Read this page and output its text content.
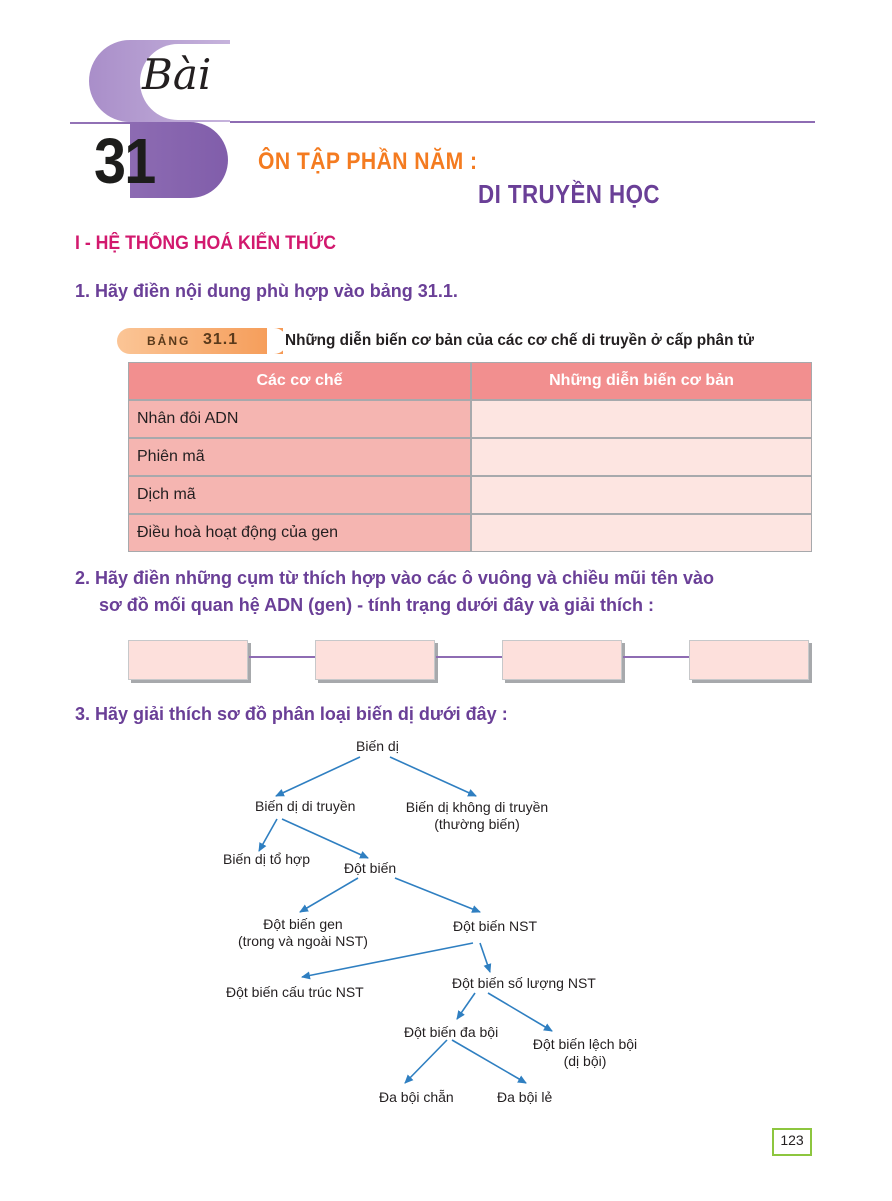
Bài
31	ÔN TẬP PHẦN NĂM :
DI TRUYỀN HỌC
I - HỆ THỐNG HOÁ KIẾN THỨC
1. Hãy điền nội dung phù hợp vào bảng 31.1.
BẢNG 31.1	Những diễn biến cơ bản của các cơ chế di truyền ở cấp phân tử
Các cơ chế	Những diễn biến cơ bản
Nhân đôi ADN	
Phiên mã	
Dịch mã	
Điều hoà hoạt động của gen	
2. Hãy điền những cụm từ thích hợp vào các ô vuông và chiều mũi tên vào
sơ đồ mối quan hệ ADN (gen) - tính trạng dưới đây và giải thích :
3. Hãy giải thích sơ đồ phân loại biến dị dưới đây :
Biến dị
Biến dị di truyền	Biến dị không di truyền
(thường biến)
Biến dị tổ hợp
Đột biến
Đột biến gen
(trong và ngoài NST)
Đột biến NST
Đột biến cấu trúc NST
Đột biến số lượng NST
Đột biến đa bội
Đột biến lệch bội
(dị bội)
Đa bội chẵn	Đa bội lẻ
123
